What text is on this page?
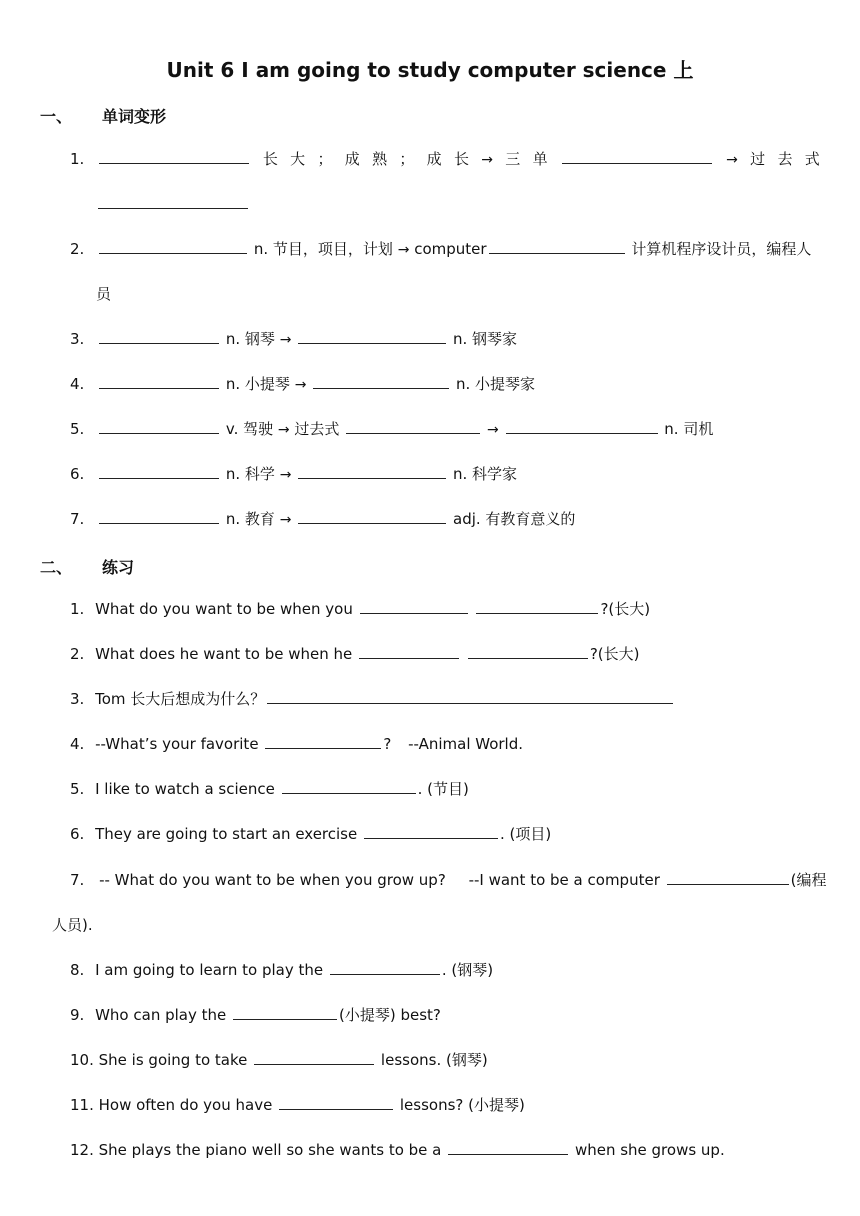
Unit 6 I am going to study computer science 上
一、 单词变形
1.	长 大 ； 成 熟 ； 成 长 → 三 单	→ 过 去 式
2.	n. 节目，项目，计划 → computer	计算机程序设计员，编程人
员
3.	n. 钢琴 →	n. 钢琴家
4.	n. 小提琴 →	n. 小提琴家
5.	v. 驾驶 → 过去式	→	n. 司机
6.	n. 科学 →	n. 科学家
7.	n. 教育 →	adj. 有教育意义的
二、 练习
1. What do you want to be when you	?(长大)
2. What does he want to be when he	?(长大)
3. Tom 长大后想成为什么？
4. --What’s your favorite	? --Animal World.
5. I like to watch a science	. (节目)
6. They are going to start an exercise	. (项目)
7. -- What do you want to be when you grow up? --I want to be a computer	(编程
人员).
8. I am going to learn to play the	. (钢琴)
9. Who can play the	(小提琴) best?
10. She is going to take	lessons. (钢琴)
11. How often do you have	lessons? (小提琴)
12. She plays the piano well so she wants to be a	when she grows up.
